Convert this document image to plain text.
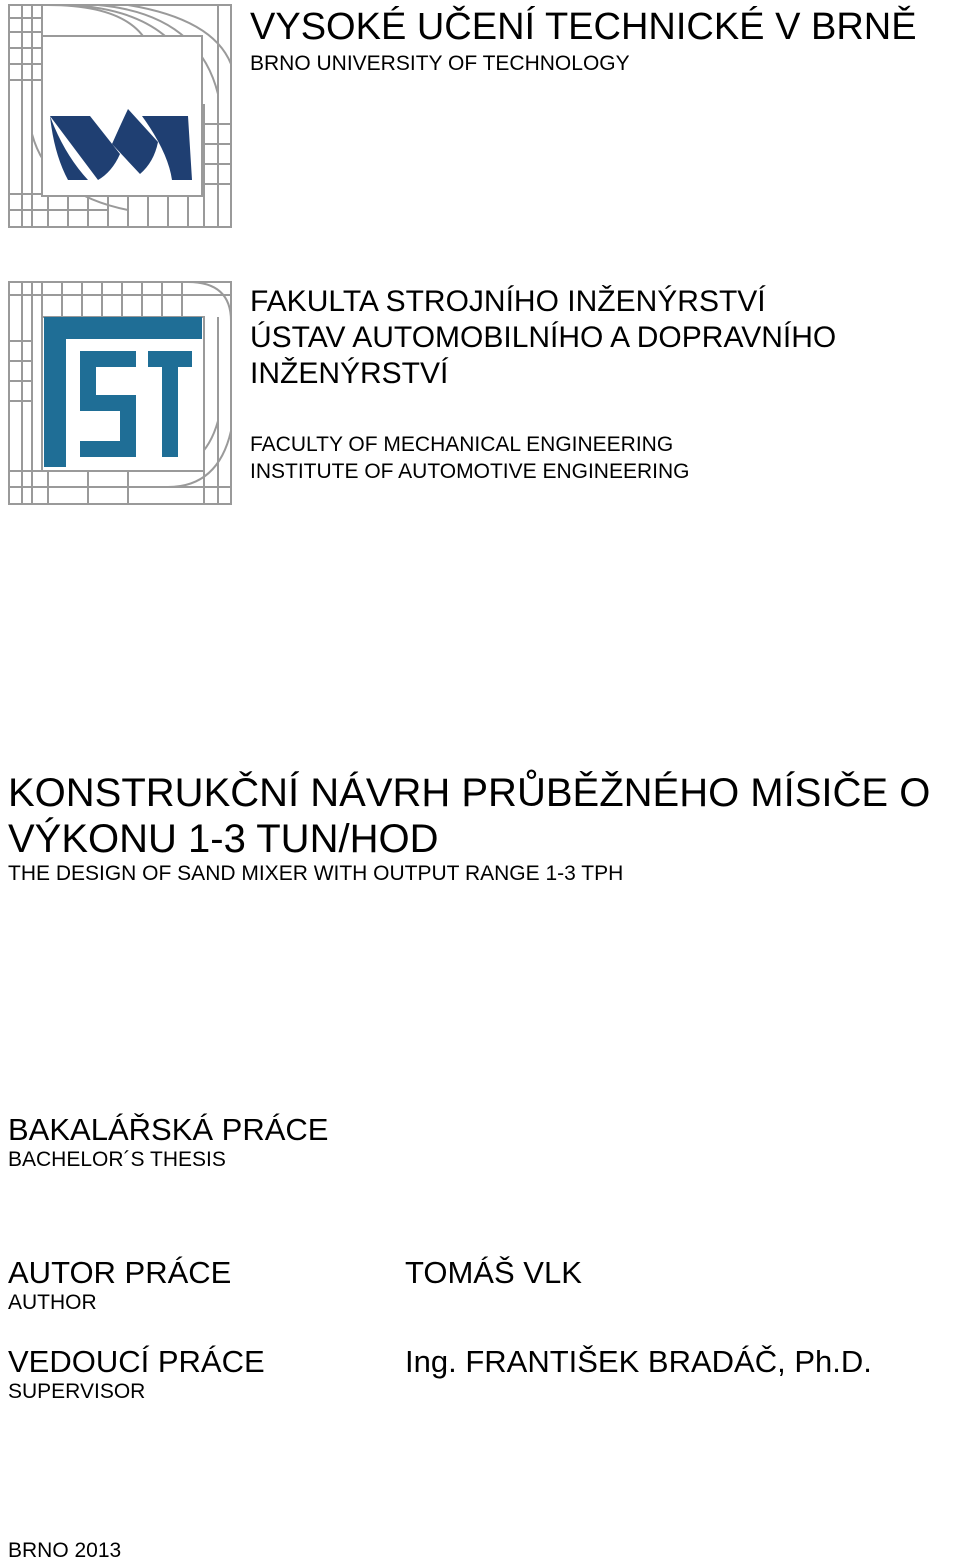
VYSOKÉ UČENÍ TECHNICKÉ V BRNĚ
BRNO UNIVERSITY OF TECHNOLOGY
FAKULTA STROJNÍHO INŽENÝRSTVÍ
ÚSTAV AUTOMOBILNÍHO A DOPRAVNÍHO
INŽENÝRSTVÍ
FACULTY OF MECHANICAL ENGINEERING
INSTITUTE OF AUTOMOTIVE ENGINEERING
KONSTRUKČNÍ NÁVRH PRŮBĚŽNÉHO MÍSIČE O
VÝKONU 1-3 TUN/HOD
THE DESIGN OF SAND MIXER WITH OUTPUT RANGE 1-3 TPH
BAKALÁŘSKÁ PRÁCE
BACHELOR´S THESIS
AUTOR PRÁCE
AUTHOR
TOMÁŠ VLK
VEDOUCÍ PRÁCE
SUPERVISOR
Ing. FRANTIŠEK BRADÁČ, Ph.D.
BRNO 2013
